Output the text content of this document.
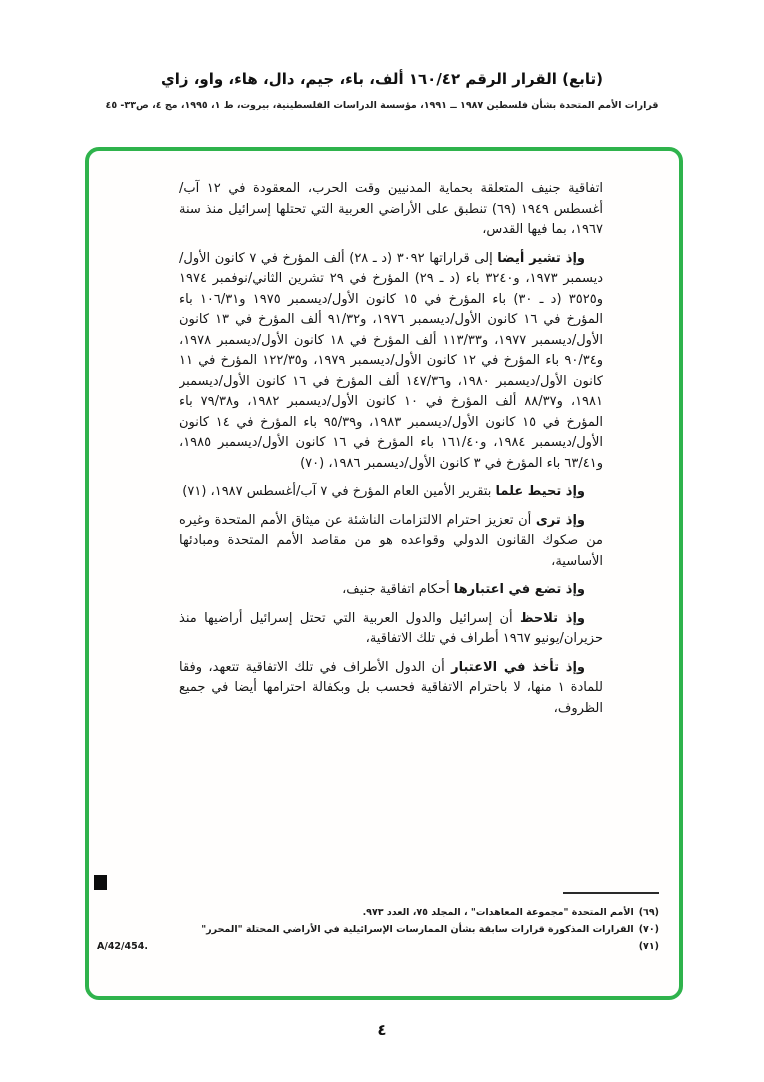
(تابع) القرار الرقم ١٦٠/٤٢ ألف، باء، جيم، دال، هاء، واو، زاي
قرارات الأمم المتحدة بشأن فلسطين ١٩٨٧ ــ ١٩٩١، مؤسسة الدراسات الفلسطينية، بيروت، ط ١، ١٩٩٥، مج ٤، ص٣٣- ٤٥

اتفاقية جنيف المتعلقة بحماية المدنيين وقت الحرب، المعقودة في ١٢ آب/أغسطس ١٩٤٩ (٦٩) تنطبق على الأراضي العربية التي تحتلها إسرائيل منذ سنة ١٩٦٧، بما فيها القدس،

وإذ تشير أيضا إلى قراراتها ٣٠٩٢ (د ـ ٢٨) ألف المؤرخ في ٧ كانون الأول/ديسمبر ١٩٧٣، و٣٢٤٠ باء (د ـ ٢٩) المؤرخ في ٢٩ تشرين الثاني/نوفمبر ١٩٧٤ و٣٥٢٥ (د ـ ٣٠) باء المؤرخ في ١٥ كانون الأول/ديسمبر ١٩٧٥ و١٠٦/٣١ باء المؤرخ في ١٦ كانون الأول/ديسمبر ١٩٧٦، و٩١/٣٢ ألف المؤرخ في ١٣ كانون الأول/ديسمبر ١٩٧٧، و١١٣/٣٣ ألف المؤرخ في ١٨ كانون الأول/ديسمبر ١٩٧٨، و٩٠/٣٤ باء المؤرخ في ١٢ كانون الأول/ديسمبر ١٩٧٩، و١٢٢/٣٥ المؤرخ في ١١ كانون الأول/ديسمبر ١٩٨٠، و١٤٧/٣٦ ألف المؤرخ في ١٦ كانون الأول/ديسمبر ١٩٨١، و٨٨/٣٧ ألف المؤرخ في ١٠ كانون الأول/ديسمبر ١٩٨٢، و٧٩/٣٨ باء المؤرخ في ١٥ كانون الأول/ديسمبر ١٩٨٣، و٩٥/٣٩ باء المؤرخ في ١٤ كانون الأول/ديسمبر ١٩٨٤، و١٦١/٤٠ باء المؤرخ في ١٦ كانون الأول/ديسمبر ١٩٨٥، و٦٣/٤١ باء المؤرخ في ٣ كانون الأول/ديسمبر ١٩٨٦، (٧٠)

وإذ تحيط علما بتقرير الأمين العام المؤرخ في ٧ آب/أغسطس ١٩٨٧، (٧١)

وإذ ترى أن تعزيز احترام الالتزامات الناشئة عن ميثاق الأمم المتحدة وغيره من صكوك القانون الدولي وقواعده هو من مقاصد الأمم المتحدة ومبادئها الأساسية،

وإذ تضع في اعتبارها أحكام اتفاقية جنيف،

وإذ تلاحظ أن إسرائيل والدول العربية التي تحتل إسرائيل أراضيها منذ حزيران/يونيو ١٩٦٧ أطراف في تلك الاتفاقية،

وإذ تأخذ في الاعتبار أن الدول الأطراف في تلك الاتفاقية تتعهد، وفقا للمادة ١ منها، لا باحترام الاتفاقية فحسب بل وبكفالة احترامها أيضا في جميع الظروف،

(٦٩)الأمم المتحدة "مجموعة المعاهدات" ، المجلد ٧٥، العدد ٩٧٣.
(٧٠)القرارات المذكورة قرارات سابقة بشأن الممارسات الإسرائيلية في الأراضي المحتلة "المحرر"
(٧١)
A/42/454.
٤
